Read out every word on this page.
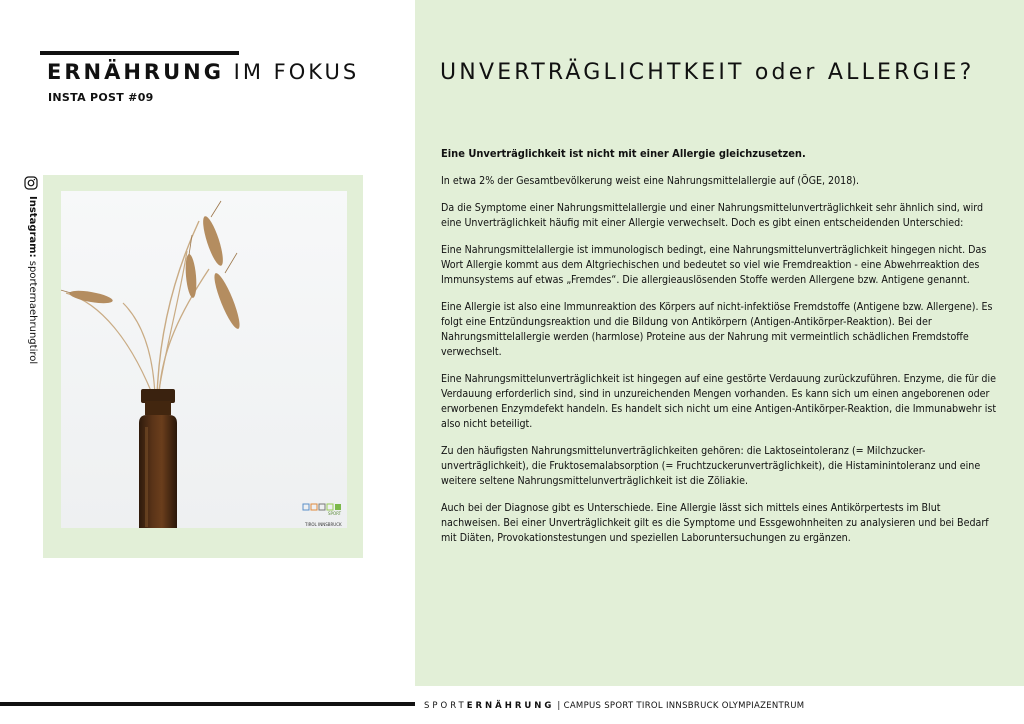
ERNÄHRUNG IM FOKUS
INSTA POST #09
Instagram: sporternaehrungtirol
SPORT
TIROL INNSBRUCK
UNVERTRÄGLICHTKEIT oder ALLERGIE?

Eine Unverträglichkeit ist nicht mit einer Allergie gleichzusetzen.

In etwa 2% der Gesamtbevölkerung weist eine Nahrungsmittelallergie auf (ÖGE, 2018).

Da die Symptome einer Nahrungsmittelallergie und einer Nahrungsmittelunverträglichkeit sehr ähnlich sind, wird eine Unverträglichkeit häufig mit einer Allergie verwechselt. Doch es gibt einen entscheidenden Unterschied:

Eine Nahrungsmittelallergie ist immunologisch bedingt, eine Nahrungsmittelunverträglichkeit hingegen nicht. Das Wort Allergie kommt aus dem Altgriechischen und bedeutet so viel wie Fremdreaktion - eine Abwehrreaktion des Immunsystems auf etwas „Fremdes“. Die allergieauslösenden Stoffe werden Allergene bzw. Antigene genannt.

Eine Allergie ist also eine Immunreaktion des Körpers auf nicht-infektiöse Fremdstoffe (Antigene bzw. Allergene). Es folgt eine Entzündungsreaktion und die Bildung von Antikörpern (Antigen-Antikörper-Reaktion). Bei der Nahrungsmittelallergie werden (harmlose) Proteine aus der Nahrung mit vermeintlich schädlichen Fremdstoffe verwechselt.

Eine Nahrungsmittelunverträglichkeit ist hingegen auf eine gestörte Verdauung zurückzuführen. Enzyme, die für die Verdauung erforderlich sind, sind in unzureichenden Mengen vorhanden. Es kann sich um einen angeborenen oder erworbenen Enzymdefekt handeln. Es handelt sich nicht um eine Antigen-Antikörper-Reaktion, die Immunabwehr ist also nicht beteiligt.

Zu den häufigsten Nahrungsmittelunverträglichkeiten gehören: die Laktoseintoleranz (= Milchzucker-unverträglichkeit), die Fruktosemalabsorption (= Fruchtzuckerunverträglichkeit), die Histaminintoleranz und eine weitere seltene Nahrungsmittelunverträglichkeit ist die Zöliakie.

Auch bei der Diagnose gibt es Unterschiede. Eine Allergie lässt sich mittels eines Antikörpertests im Blut nachweisen. Bei einer Unverträglichkeit gilt es die Symptome und Essgewohnheiten zu analysieren und bei Bedarf mit Diäten, Provokationstestungen und speziellen Laboruntersuchungen zu ergänzen.

SPORTERNÄHRUNG | CAMPUS SPORT TIROL INNSBRUCK OLYMPIAZENTRUM
